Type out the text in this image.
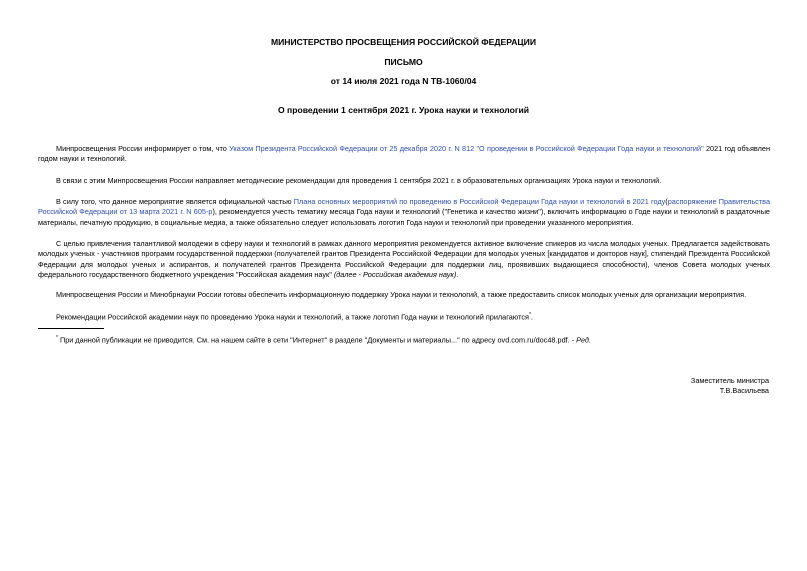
МИНИСТЕРСТВО ПРОСВЕЩЕНИЯ РОССИЙСКОЙ ФЕДЕРАЦИИ
ПИСЬМО
от 14 июля 2021 года N ТВ-1060/04
О проведении 1 сентября 2021 г. Урока науки и технологий

Минпросвещения России информирует о том, что Указом Президента Российской Федерации от 25 декабря 2020 г. N 812 "О проведении в Российской Федерации Года науки и технологий" 2021 год объявлен годом науки и технологий.

В связи с этим Минпросвещения России направляет методические рекомендации для проведения 1 сентября 2021 г. в образовательных организациях Урока науки и технологий.

В силу того, что данное мероприятие является официальной частью Плана основных мероприятий по проведению в Российской Федерации Года науки и технологий в 2021 году(распоряжение Правительства Российской Федерации от 13 марта 2021 г. N 605-р), рекомендуется учесть тематику месяца Года науки и технологий ("Генетика и качество жизни"), включить информацию о Годе науки и технологий в раздаточные материалы, печатную продукцию, в социальные медиа, а также обязательно следует использовать логотип Года науки и технологий при проведении указанного мероприятия.

С целью привлечения талантливой молодежи в сферу науки и технологий в рамках данного мероприятия рекомендуется активное включение спикеров из числа молодых ученых. Предлагается задействовать молодых ученых - участников программ государственной поддержки (получателей грантов Президента Российской Федерации для молодых ученых [кандидатов и докторов наук], стипендий Президента Российской Федерации для молодых ученых и аспирантов, и получателей грантов Президента Российской Федерации для поддержки лиц, проявивших выдающиеся способности), членов Совета молодых ученых федерального государственного бюджетного учреждения "Российская академия наук" (далее - Российская академия наук).

Минпросвещения России и Минобрнауки России готовы обеспечить информационную поддержку Урока науки и технологий, а также предоставить список молодых ученых для организации мероприятия.

Рекомендации Российской академии наук по проведению Урока науки и технологий, а также логотип Года науки и технологий прилагаются*.

* При данной публикации не приводится. См. на нашем сайте в сети "Интернет" в разделе "Документы и материалы..." по адресу ovd.com.ru/doc48.pdf. - Ред.
Заместитель министра
Т.В.Васильева
